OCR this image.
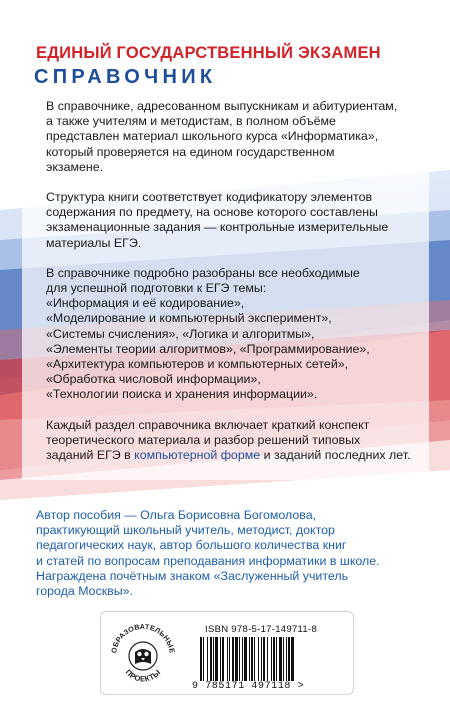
ЕДИНЫЙ ГОСУДАРСТВЕННЫЙ ЭКЗАМЕН
СПРАВОЧНИК

В справочнике, адресованном выпускникам и абитуриентам,
а также учителям и методистам, в полном объёме
представлен материал школьного курса «Информатика»,
который проверяется на едином государственном
экзамене.

Структура книги соответствует кодификатору элементов
содержания по предмету, на основе которого составлены
экзаменационные задания — контрольные измерительные
материалы ЕГЭ.

В справочнике подробно разобраны все необходимые
для успешной подготовки к ЕГЭ темы:
«Информация и её кодирование»,
«Моделирование и компьютерный эксперимент»,
«Системы счисления», «Логика и алгоритмы»,
«Элементы теории алгоритмов», «Программирование»,
«Архитектура компьютеров и компьютерных сетей»,
«Обработка числовой информации»,
«Технологии поиска и хранения информации».

Каждый раздел справочника включает краткий конспект
теоретического материала и разбор решений типовых
заданий ЕГЭ в компьютерной форме и заданий последних лет.

Автор пособия — Ольга Борисовна Богомолова,
практикующий школьный учитель, методист, доктор
педагогических наук, автор большого количества книг
и статей по вопросам преподавания информатики в школе.
Награждена почётным знаком «Заслуженный учитель
города Москвы».
ОБРАЗОВАТЕЛЬНЫЕ
ПРОЕКТЫ
ISBN 978-5-17-149711-8
9 785171 497118 >
